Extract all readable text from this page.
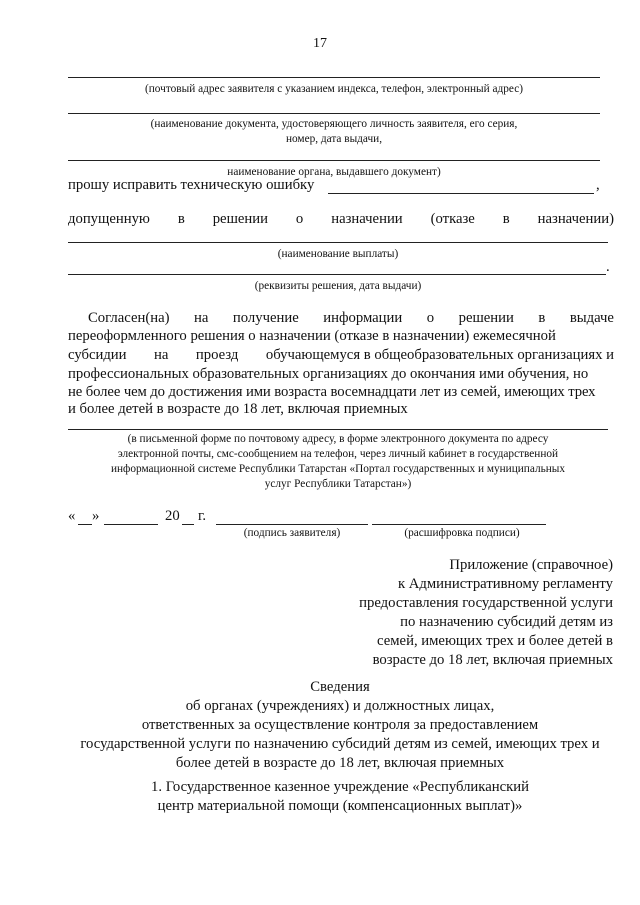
17
(почтовый адрес заявителя с указанием индекса, телефон, электронный адрес)
(наименование документа, удостоверяющего личность заявителя, его серия,
номер, дата выдачи,
наименование органа, выдавшего документ)
прошу исправить техническую ошибку	,
допущенную в решении о назначении (отказе в назначении)
(наименование выплаты)
.
(реквизиты решения, дата выдачи)
Согласен(на) на получение информации о решении в выдаче
переоформленного решения о назначении (отказе в назначении) ежемесячной
субсидии на проезд обучающемуся в общеобразовательных организациях и
профессиональных образовательных организациях до окончания ими обучения, но
не более чем до достижения ими возраста восемнадцати лет из семей, имеющих трех
и более детей в возрасте до 18 лет, включая приемных
(в письменной форме по почтовому адресу, в форме электронного документа по адресу
электронной почты, смс-сообщением на телефон, через личный кабинет в государственной
информационной системе Республики Татарстан «Портал государственных и муниципальных
услуг Республики Татарстан»)
« »	20 г.
(подпись заявителя)	(расшифровка подписи)
Приложение (справочное)
к Административному регламенту
предоставления государственной услуги
по назначению субсидий детям из
семей, имеющих трех и более детей в
возрасте до 18 лет, включая приемных
Сведения
об органах (учреждениях) и должностных лицах,
ответственных за осуществление контроля за предоставлением
государственной услуги по назначению субсидий детям из семей, имеющих трех и
более детей в возрасте до 18 лет, включая приемных
1. Государственное казенное учреждение «Республиканский
центр материальной помощи (компенсационных выплат)»
